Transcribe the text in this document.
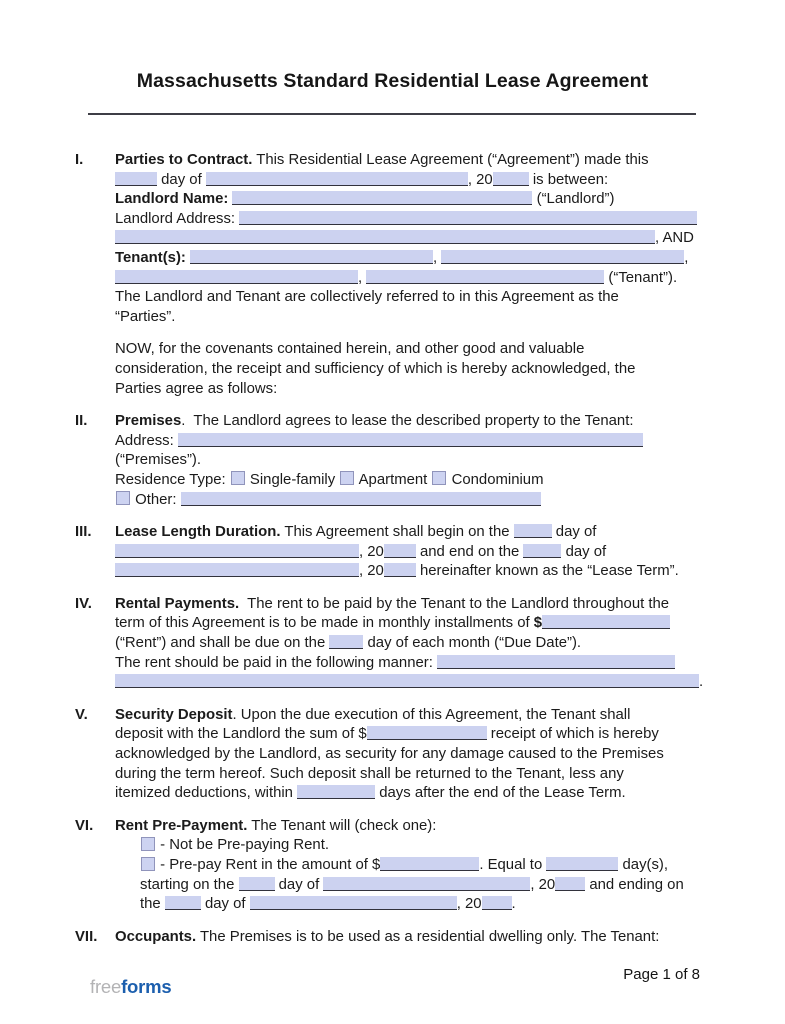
Massachusetts Standard Residential Lease Agreement
I.	Parties to Contract. This Residential Lease Agreement (“Agreement”) made this
day of	, 20 is between:
Landlord Name:	(“Landlord”)
Landlord Address:
, AND
Tenant(s):	,	,
,	(“Tenant”).
The Landlord and Tenant are collectively referred to in this Agreement as the
“Parties”.
NOW, for the covenants contained herein, and other good and valuable
consideration, the receipt and sufficiency of which is hereby acknowledged, the
Parties agree as follows:
II.	Premises.  The Landlord agrees to lease the described property to the Tenant:
Address:
(“Premises”).
Residence Type:  Single-family  Apartment  Condominium
Other:
III.	Lease Length Duration. This Agreement shall begin on the	day of
, 20 and end on the	day of
, 20 hereinafter known as the “Lease Term”.
IV.	Rental Payments.  The rent to be paid by the Tenant to the Landlord throughout the
term of this Agreement is to be made in monthly installments of $
(“Rent”) and shall be due on the  day of each month (“Due Date”).
The rent should be paid in the following manner:
.
V.	Security Deposit. Upon the due execution of this Agreement, the Tenant shall
deposit with the Landlord the sum of $	receipt of which is hereby
acknowledged by the Landlord, as security for any damage caused to the Premises
during the term hereof. Such deposit shall be returned to the Tenant, less any
itemized deductions, within	days after the end of the Lease Term.
VI.	Rent Pre-Payment. The Tenant will (check one):
- Not be Pre-paying Rent.
- Pre-pay Rent in the amount of $	. Equal to	day(s),
starting on the  day of	, 20 and ending on
the  day of	, 20 .
VII.	Occupants. The Premises is to be used as a residential dwelling only. The Tenant:
freeforms
Page 1 of 8
